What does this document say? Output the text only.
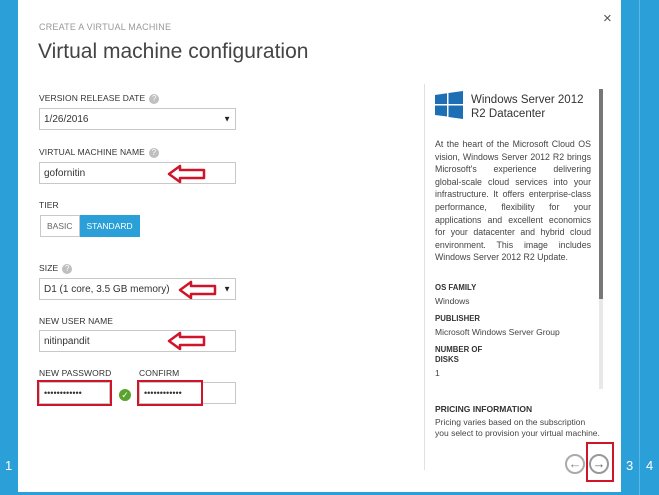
1	3 4
CREATE A VIRTUAL MACHINE
Virtual machine configuration
×
VERSION RELEASE DATE ?
1/26/2016	▼
VIRTUAL MACHINE NAME ?
gofornitin
TIER
BASIC	STANDARD
SIZE ?
D1 (1 core, 3.5 GB memory)	▼
NEW USER NAME
nitinpandit
NEW PASSWORD	CONFIRM
••••••••••••	✓ ••••••••••••
Windows Server 2012
R2 Datacenter
At the heart of the Microsoft Cloud OS vision, Windows Server 2012 R2 brings Microsoft's experience delivering global-scale cloud services into your infrastructure. It offers enterprise-class performance, flexibility for your applications and excellent economics for your datacenter and hybrid cloud environment. This image includes Windows Server 2012 R2 Update.
OS FAMILY
Windows
PUBLISHER
Microsoft Windows Server Group
NUMBER OF
DISKS
1
PRICING INFORMATION
Pricing varies based on the subscription you select to provision your virtual machine.
← →
